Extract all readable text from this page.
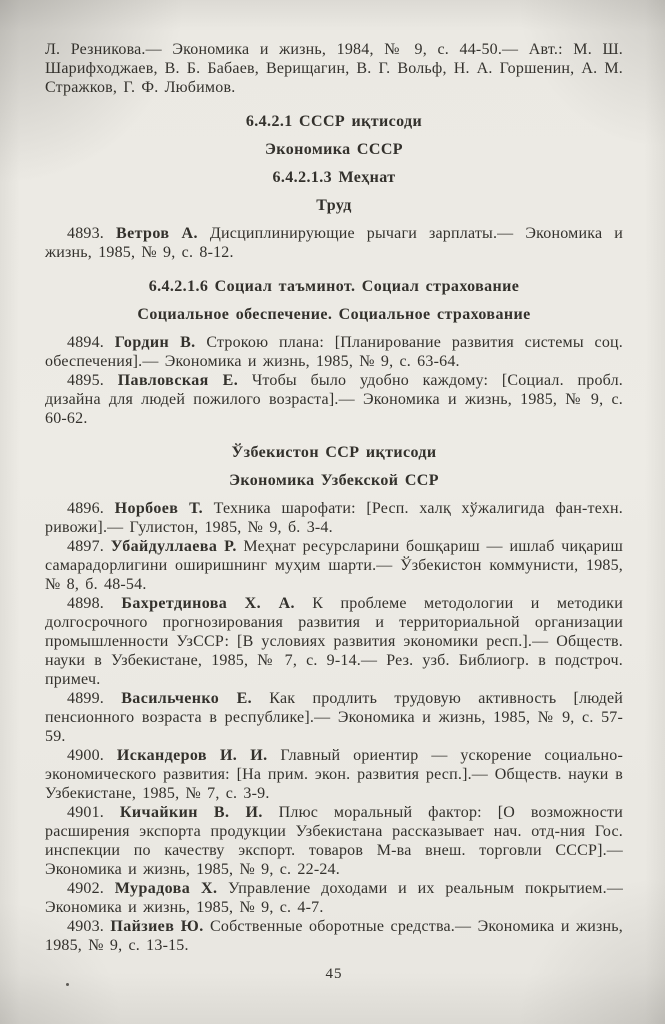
Л. Резникова.— Экономика и жизнь, 1984, № 9, с. 44-50.— Авт.: М. Ш. Шарифходжаев, В. Б. Бабаев, Верищагин, В. Г. Вольф, Н. А. Горшенин, А. М. Стражков, Г. Ф. Любимов.

6.4.2.1 СССР иқтисоди
Экономика СССР
6.4.2.1.3 Меҳнат
Труд

4893. Ветров А. Дисциплинирующие рычаги зарплаты.— Экономика и жизнь, 1985, № 9, с. 8-12.

6.4.2.1.6 Социал таъминот. Социал страхование
Социальное обеспечение. Социальное страхование

4894. Гордин В. Строкою плана: [Планирование развития системы соц. обеспечения].— Экономика и жизнь, 1985, № 9, с. 63-64.

4895. Павловская Е. Чтобы было удобно каждому: [Социал. пробл. дизайна для людей пожилого возраста].— Экономика и жизнь, 1985, № 9, с. 60-62.

Ўзбекистон ССР иқтисоди
Экономика Узбекской ССР

4896. Норбоев Т. Техника шарофати: [Респ. халқ хўжалигида фан-техн. ривожи].— Гулистон, 1985, № 9, б. 3-4.

4897. Убайдуллаева Р. Меҳнат ресурсларини бошқариш — ишлаб чиқариш самарадорлигини оширишнинг муҳим шарти.— Ўзбекистон коммунисти, 1985, № 8, б. 48-54.

4898. Бахретдинова Х. А. К проблеме методологии и методики долгосрочного прогнозирования развития и территориальной организации промышленности УзССР: [В условиях развития экономики респ.].— Обществ. науки в Узбекистане, 1985, № 7, с. 9-14.— Рез. узб. Библиогр. в подстроч. примеч.

4899. Васильченко Е. Как продлить трудовую активность [людей пенсионного возраста в республике].— Экономика и жизнь, 1985, № 9, с. 57-59.

4900. Искандеров И. И. Главный ориентир — ускорение социально-экономического развития: [На прим. экон. развития респ.].— Обществ. науки в Узбекистане, 1985, № 7, с. 3-9.

4901. Кичайкин В. И. Плюс моральный фактор: [О возможности расширения экспорта продукции Узбекистана рассказывает нач. отд-ния Гос. инспекции по качеству экспорт. товаров М-ва внеш. торговли СССР].— Экономика и жизнь, 1985, № 9, с. 22-24.

4902. Мурадова Х. Управление доходами и их реальным покрытием.— Экономика и жизнь, 1985, № 9, с. 4-7.

4903. Пайзиев Ю. Собственные оборотные средства.— Экономика и жизнь, 1985, № 9, с. 13-15.

45
